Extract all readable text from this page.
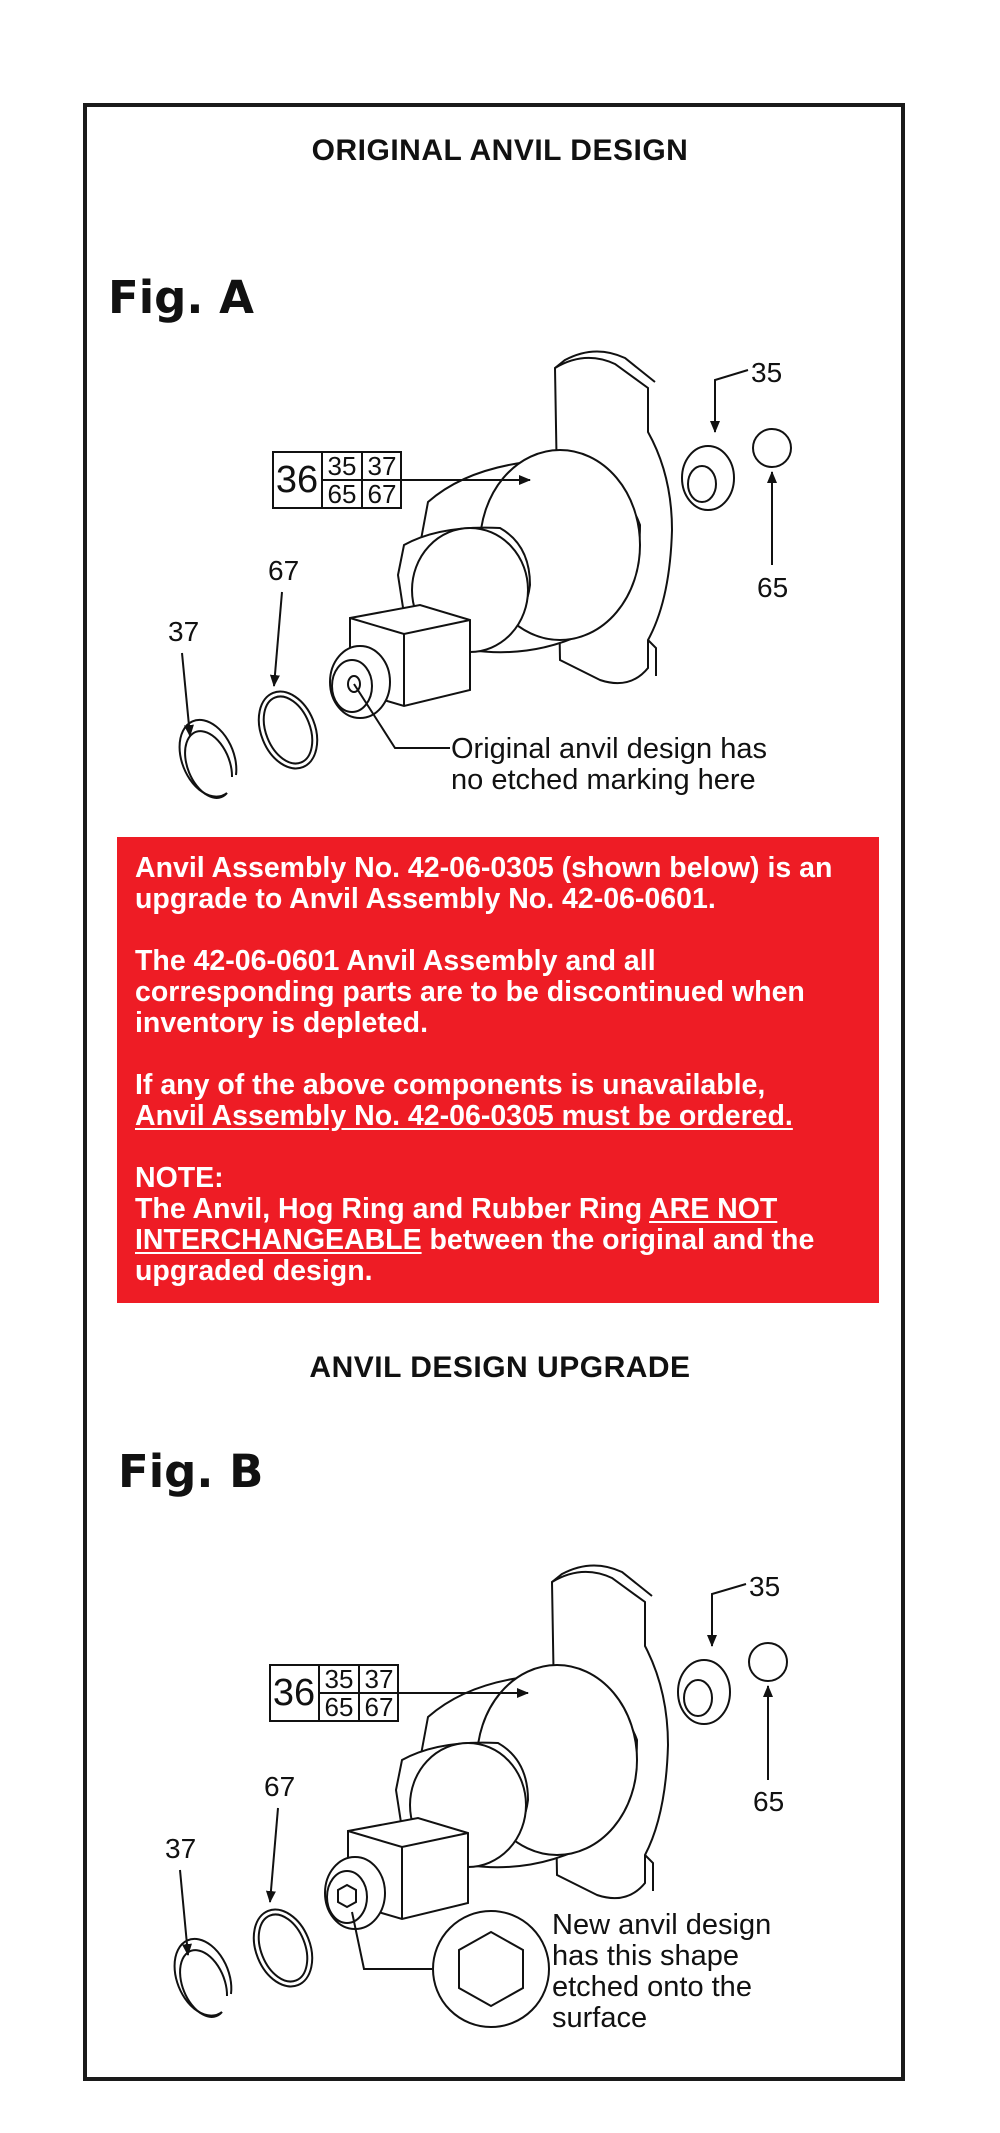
ORIGINAL ANVIL DESIGN
Fig. A
36 35 37
65 67
35
65
67
37
Original anvil design has
no etched marking here

Anvil Assembly No. 42-06-0305 (shown below) is an upgrade to Anvil Assembly No. 42-06-0601.

The 42-06-0601 Anvil Assembly and all corresponding parts are to be discontinued when inventory is depleted.

If any of the above components is unavailable,
Anvil Assembly No. 42-06-0305 must be ordered.

NOTE:
The Anvil, Hog Ring and Rubber Ring ARE NOT INTERCHANGEABLE between the original and the upgraded design.

ANVIL DESIGN UPGRADE
Fig. B
36 35 37
65 67
35
65
67
37
New anvil design
has this shape
etched onto the
surface
